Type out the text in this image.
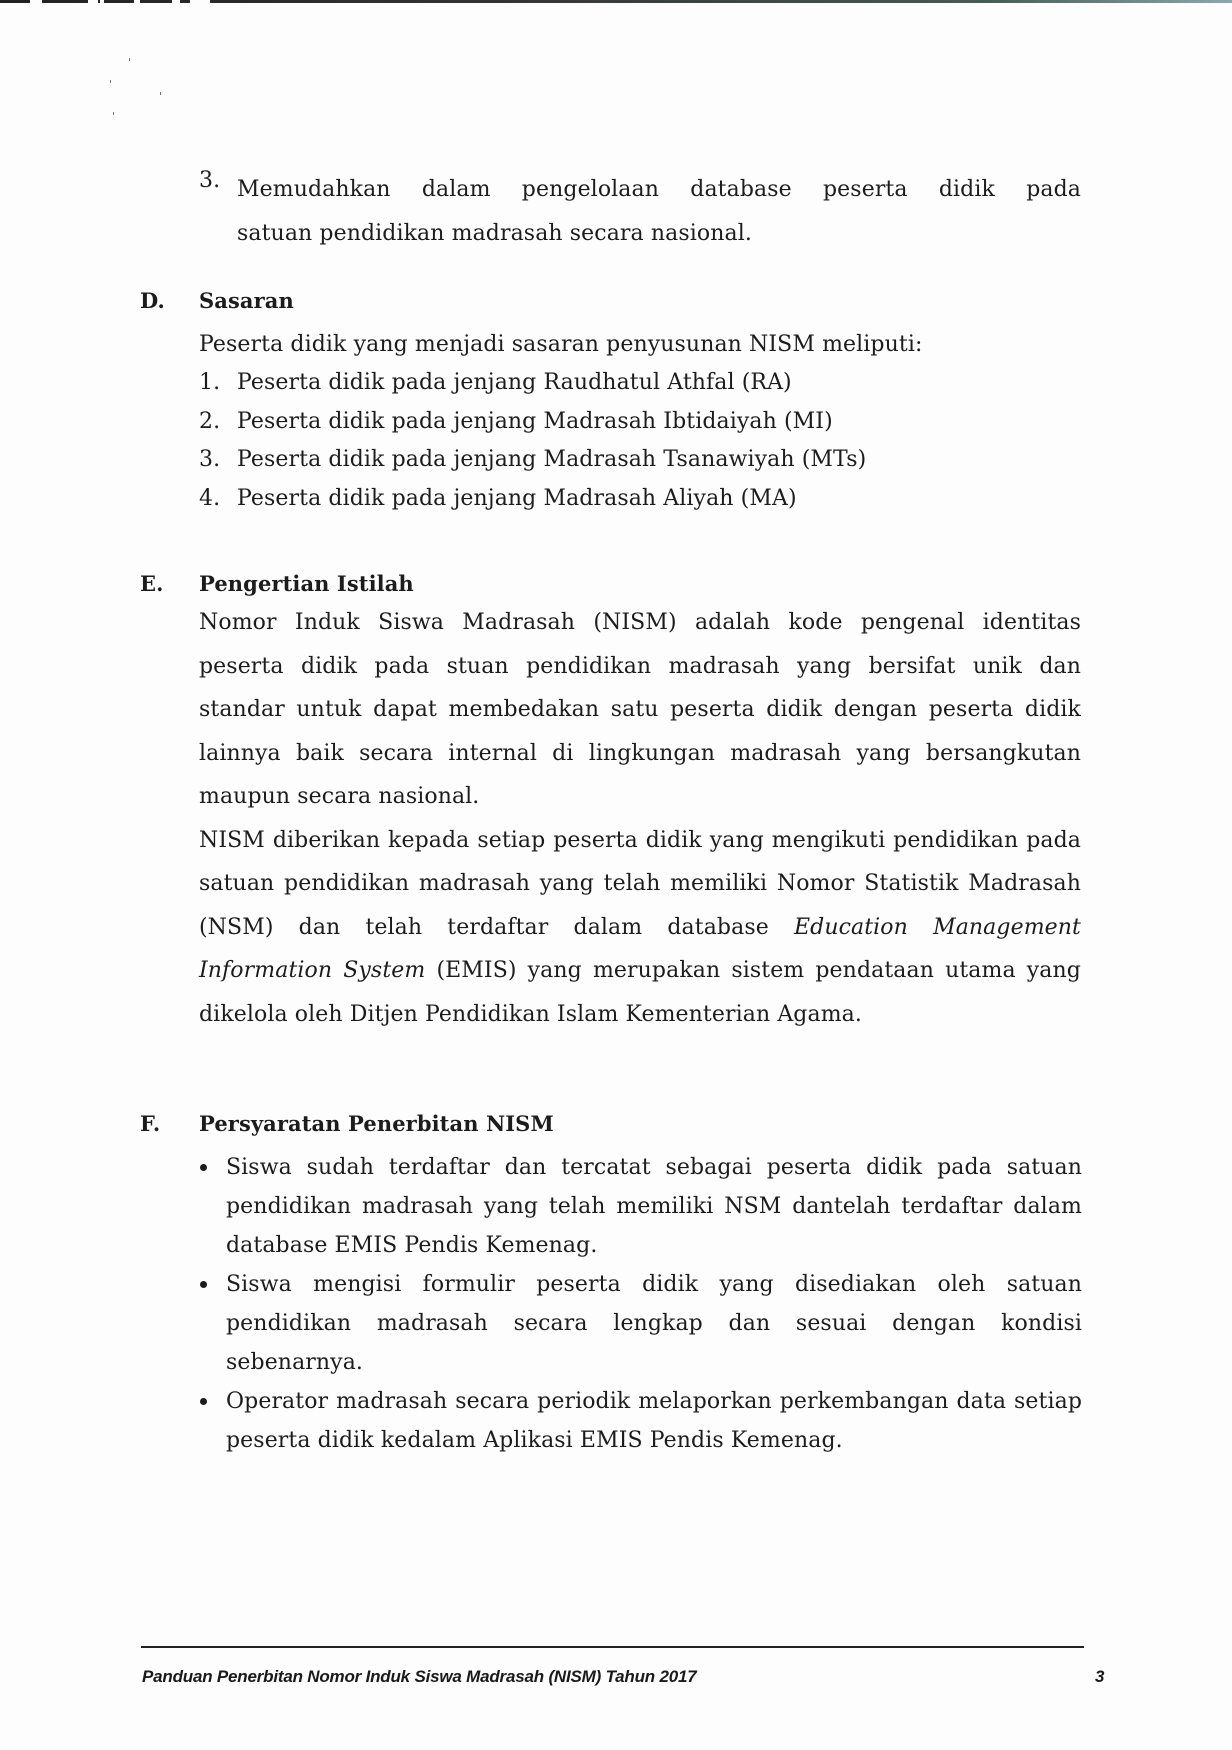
3. Memudahkan dalam pengelolaan database peserta didik pada
satuan pendidikan madrasah secara nasional.
D. Sasaran

Peserta didik yang menjadi sasaran penyusunan NISM meliputi:

1. Peserta didik pada jenjang Raudhatul Athfal (RA)
2. Peserta didik pada jenjang Madrasah Ibtidaiyah (MI)
3. Peserta didik pada jenjang Madrasah Tsanawiyah (MTs)
4. Peserta didik pada jenjang Madrasah Aliyah (MA)
E. Pengertian Istilah

Nomor Induk Siswa Madrasah (NISM) adalah kode pengenal identitas peserta didik pada stuan pendidikan madrasah yang bersifat unik dan standar untuk dapat membedakan satu peserta didik dengan peserta didik lainnya baik secara internal di lingkungan madrasah yang bersangkutan maupun secara nasional.

NISM diberikan kepada setiap peserta didik yang mengikuti pendidikan pada satuan pendidikan madrasah yang telah memiliki Nomor Statistik Madrasah (NSM) dan telah terdaftar dalam database Education Management Information System (EMIS) yang merupakan sistem pendataan utama yang dikelola oleh Ditjen Pendidikan Islam Kementerian Agama.

F. Persyaratan Penerbitan NISM
Siswa sudah terdaftar dan tercatat sebagai peserta didik pada satuan pendidikan madrasah yang telah memiliki NSM dantelah terdaftar dalam database EMIS Pendis Kemenag.
Siswa mengisi formulir peserta didik yang disediakan oleh satuan pendidikan madrasah secara lengkap dan sesuai dengan kondisi sebenarnya.
Operator madrasah secara periodik melaporkan perkembangan data setiap peserta didik kedalam Aplikasi EMIS Pendis Kemenag.
Panduan Penerbitan Nomor Induk Siswa Madrasah (NISM) Tahun 2017	3
